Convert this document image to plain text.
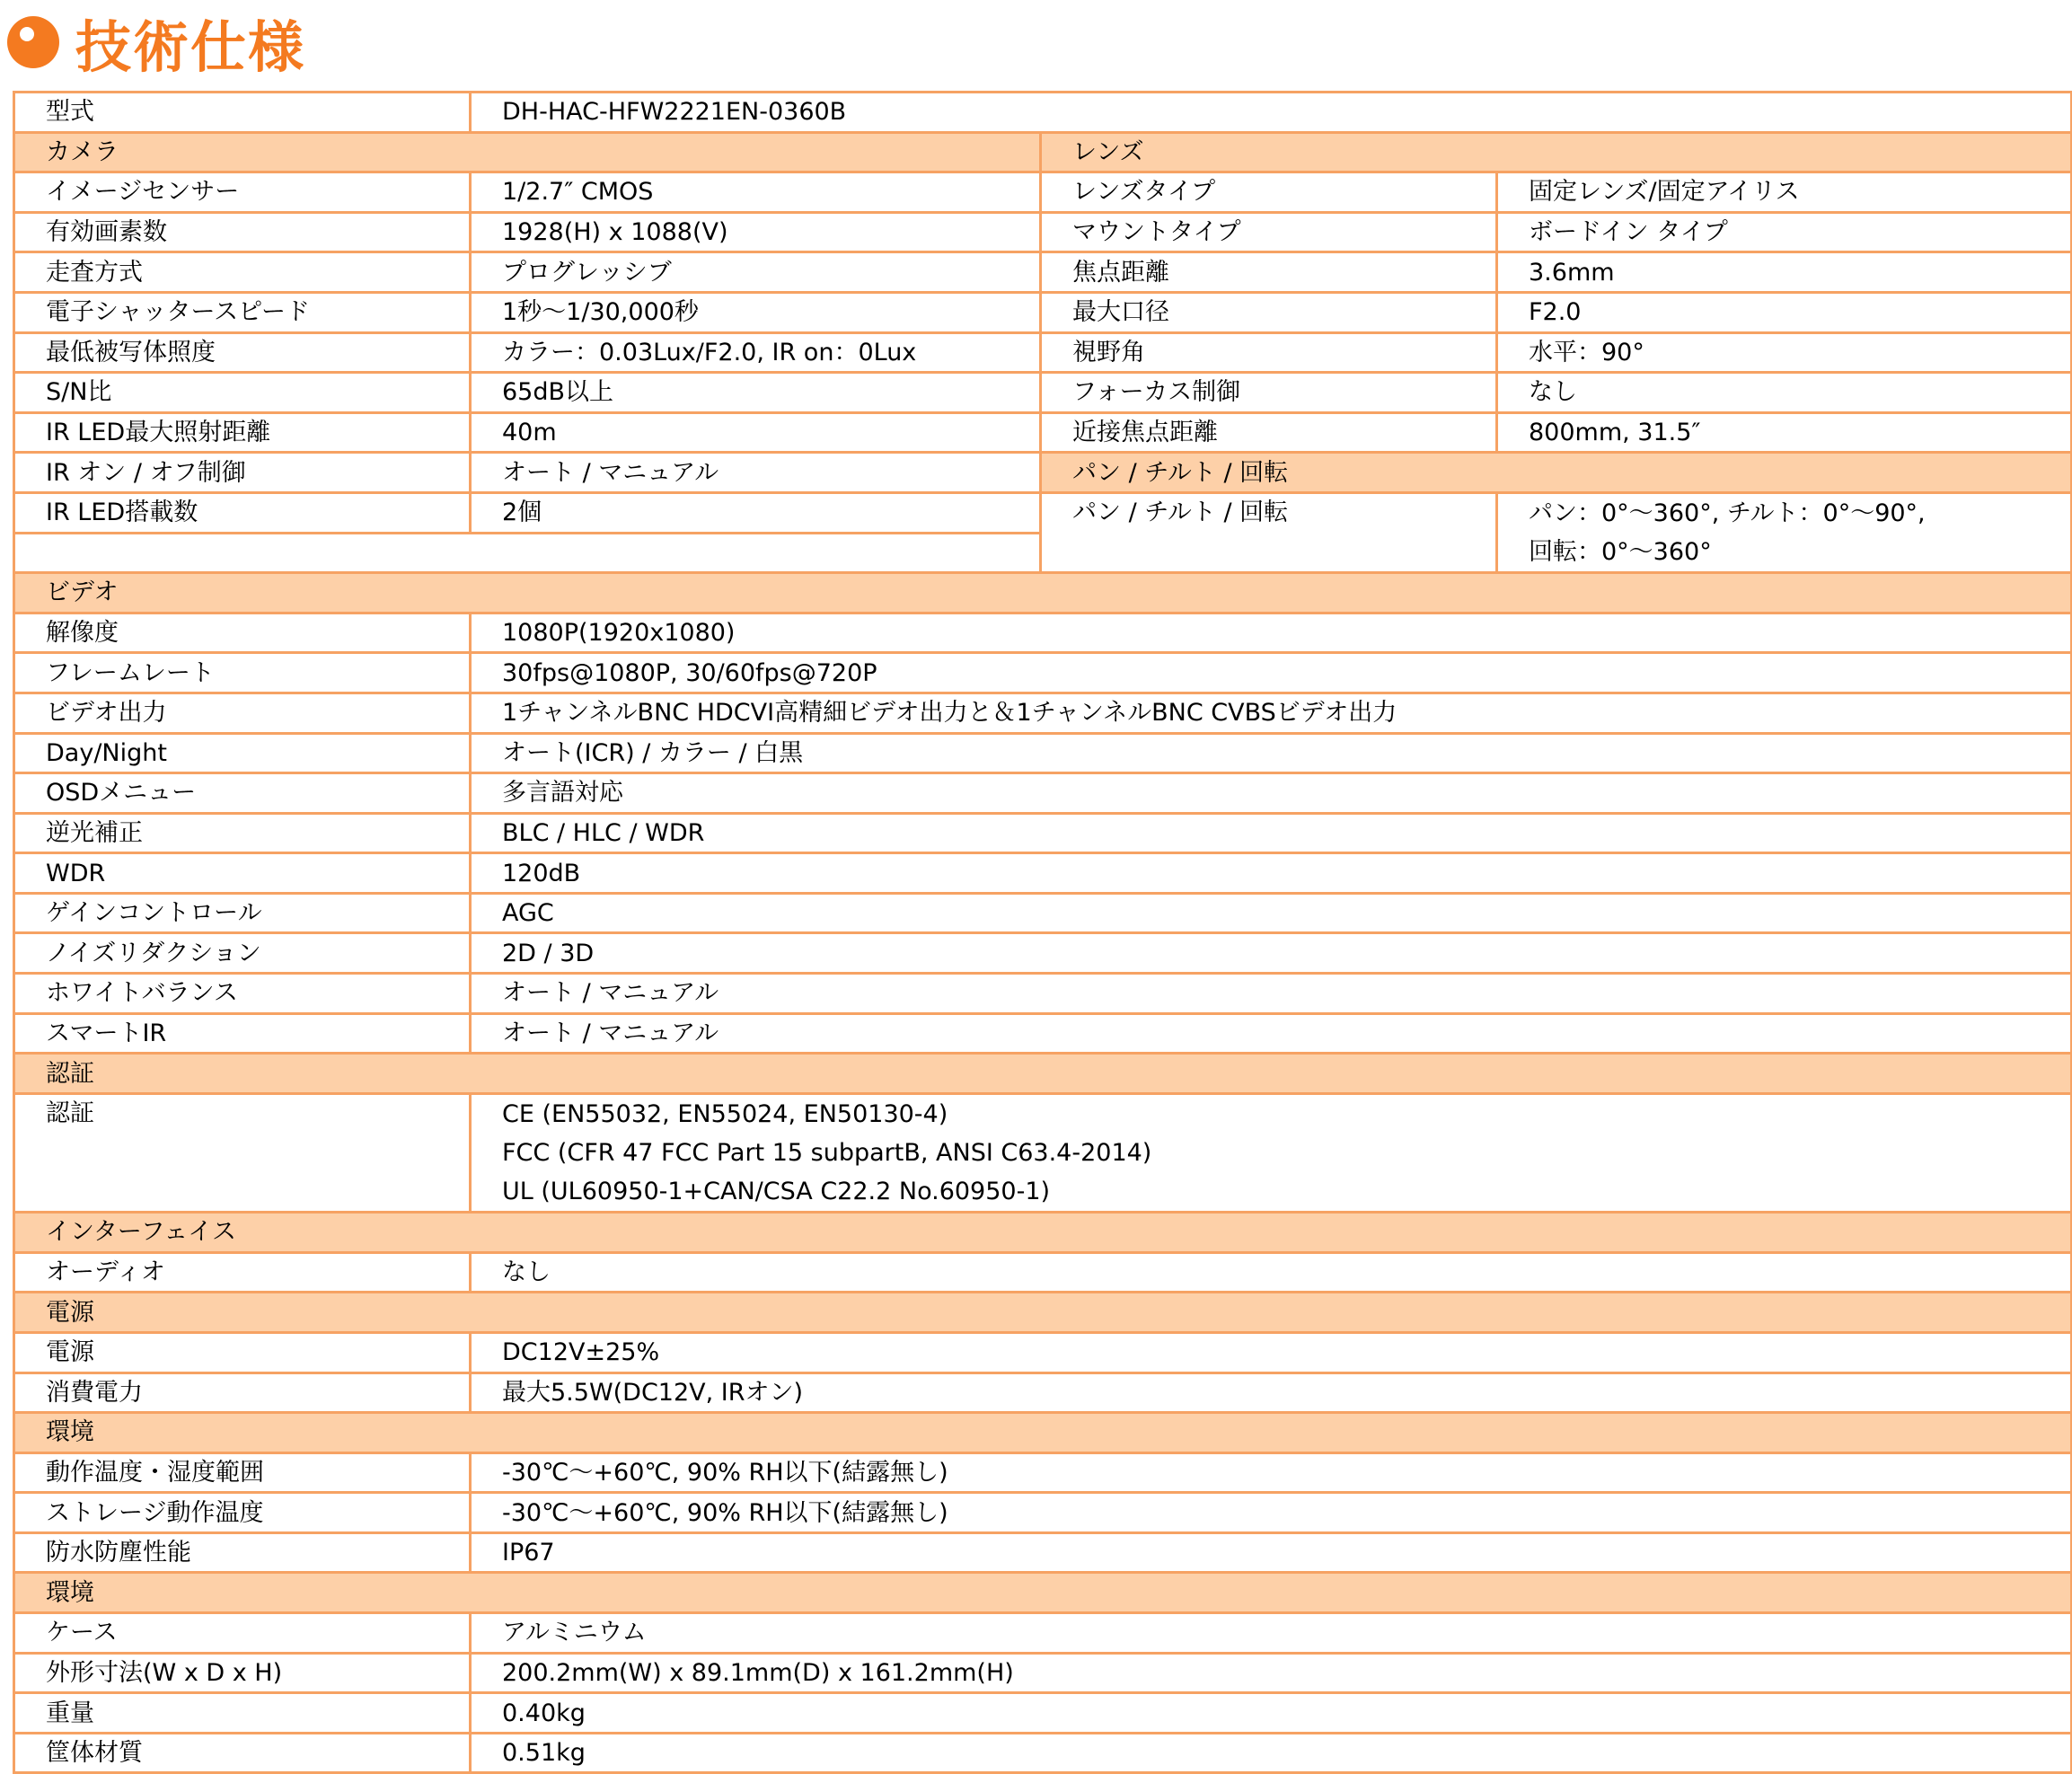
技術仕様
型式	DH-HAC-HFW2221EN-0360B		
カメラ		レンズ	
イメージセンサー	1/2.7″ CMOS	レンズタイプ	固定レンズ/固定アイリス
有効画素数	1928(H) x 1088(V)	マウントタイプ	ボードイン タイプ
走査方式	プログレッシブ	焦点距離	3.6mm
電子シャッタースピード	1秒〜1/30,000秒	最大口径	F2.0
最低被写体照度	カラー：0.03Lux/F2.0, IR on：0Lux	視野角	水平：90°
S/N比	65dB以上	フォーカス制御	なし
IR LED最大照射距離	40m	近接焦点距離	800mm, 31.5″
IR オン / オフ制御	オート / マニュアル	パン / チルト / 回転	
IR LED搭載数	2個	パン / チルト / 回転	パン：0°〜360°, チルト：0°〜90°,
回転：0°〜360°

ビデオ			
解像度	1080P(1920x1080)		
フレームレート	30fps@1080P, 30/60fps@720P		
ビデオ出力	1チャンネルBNC HDCVI高精細ビデオ出力と＆1チャンネルBNC CVBSビデオ出力		
Day/Night	オート(ICR) / カラー / 白黒		
OSDメニュー	多言語対応		
逆光補正	BLC / HLC / WDR		
WDR	120dB		
ゲインコントロール	AGC		
ノイズリダクション	2D / 3D		
ホワイトバランス	オート / マニュアル		
スマートIR	オート / マニュアル		
認証			
認証	CE (EN55032, EN55024, EN50130-4)
FCC (CFR 47 FCC Part 15 subpartB, ANSI C63.4-2014)
UL (UL60950-1+CAN/CSA C22.2 No.60950-1)		

インターフェイス			
オーディオ	なし		
電源			
電源	DC12V±25%		
消費電力	最大5.5W(DC12V, IRオン)		
環境			
動作温度・湿度範囲	-30℃〜+60℃, 90% RH以下(結露無し)		
ストレージ動作温度	-30℃〜+60℃, 90% RH以下(結露無し)		
防水防塵性能	IP67		
環境			
ケース	アルミニウム		
外形寸法(W x D x H)	200.2mm(W) x 89.1mm(D) x 161.2mm(H)		
重量	0.40kg		
筐体材質	0.51kg		
